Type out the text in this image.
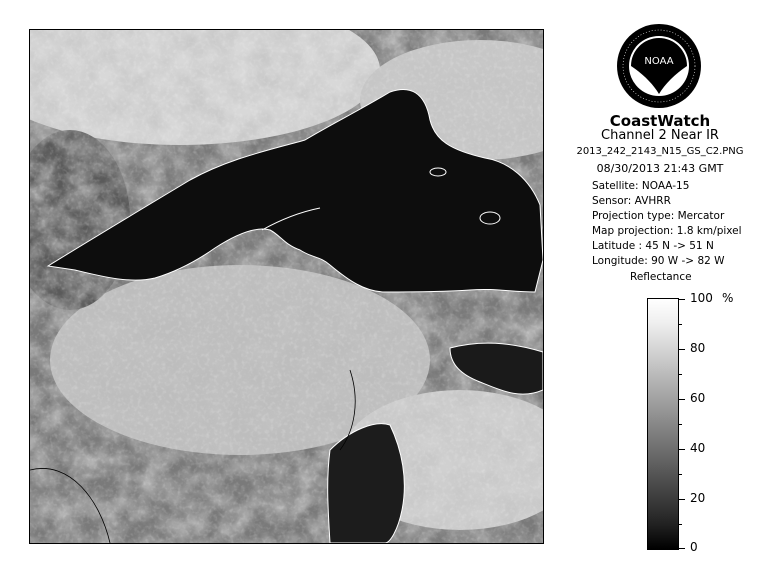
NOAA
CoastWatch
Channel 2 Near IR
2013_242_2143_N15_GS_C2.PNG
08/30/2013 21:43 GMT
Satellite: NOAA-15
Sensor: AVHRR
Projection type: Mercator
Map projection: 1.8 km/pixel
Latitude : 45 N -> 51 N
Longitude: 90 W -> 82 W
Reflectance
%
100
80
60
40
20
0
